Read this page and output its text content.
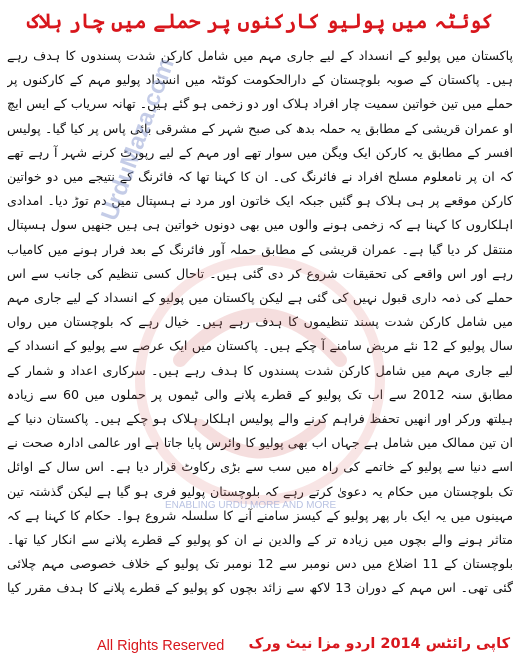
کوئٹہ میں پولیو کارکنوں پر حملے میں چار ہلاک

پاکستان میں پولیو کے انسداد کے لیے جاری مہم میں شامل کارکن شدت پسندوں کا ہدف رہے ہیں۔ پاکستان کے صوبہ بلوچستان کے دارالحکومت کوئٹہ میں انسداد پولیو مہم کے کارکنوں پر حملے میں تین خواتین سمیت چار افراد ہلاک اور دو زخمی ہو گئے ہیں۔ تھانہ سریاب کے ایس ایچ او عمران قریشی کے مطابق یہ حملہ بدھ کی صبح شہر کے مشرقی بائی پاس پر کیا گیا۔ پولیس افسر کے مطابق یہ کارکن ایک ویگن میں سوار تھے اور مہم کے لیے رپورٹ کرنے شہر آ رہے تھے کہ ان پر نامعلوم مسلح افراد نے فائرنگ کی۔ ان کا کہنا تھا کہ فائرنگ کے نتیجے میں دو خواتین کارکن موقعے پر ہی ہلاک ہو گئیں جبکہ ایک خاتون اور مرد نے ہسپتال میں دم توڑ دیا۔ امدادی اہلکاروں کا کہنا ہے کہ زخمی ہونے والوں میں بھی دونوں خواتین ہی ہیں جنھیں سول ہسپتال منتقل کر دیا گیا ہے۔ عمران قریشی کے مطابق حملہ آور فائرنگ کے بعد فرار ہونے میں کامیاب رہے اور اس واقعے کی تحقیقات شروع کر دی گئی ہیں۔ تاحال کسی تنظیم کی جانب سے اس حملے کی ذمہ داری قبول نہیں کی گئی ہے لیکن پاکستان میں پولیو کے انسداد کے لیے جاری مہم میں شامل کارکن شدت پسند تنظیموں کا ہدف رہے ہیں۔ خیال رہے کہ بلوچستان میں رواں سال پولیو کے 12 نئے مریض سامنے آ چکے ہیں۔ پاکستان میں ایک عرصے سے پولیو کے انسداد کے لیے جاری مہم میں شامل کارکن شدت پسندوں کا ہدف رہے ہیں۔ سرکاری اعداد و شمار کے مطابق سنہ 2012 سے اب تک پولیو کے قطرے پلانے والی ٹیموں پر حملوں میں 60 سے زیادہ ہیلتھ ورکر اور انھیں تحفظ فراہم کرنے والے پولیس اہلکار ہلاک ہو چکے ہیں۔ پاکستان دنیا کے ان تین ممالک میں شامل ہے جہاں اب بھی پولیو کا وائرس پایا جاتا ہے اور عالمی ادارہ صحت نے اسے دنیا سے پولیو کے خاتمے کی راہ میں سب سے بڑی رکاوٹ قرار دیا ہے۔ اس سال کے اوائل تک بلوچستان میں حکام یہ دعویٰ کرتے رہے کہ بلوچستان پولیو فری ہو گیا ہے لیکن گذشتہ تین مہینوں میں یہ ایک بار پھر پولیو کے کیسز سامنے آنے کا سلسلہ شروع ہوا۔ حکام کا کہنا ہے کہ متاثر ہونے والے بچوں میں زیادہ تر کے والدین نے ان کو پولیو کے قطرے پلانے سے انکار کیا تھا۔ بلوچستان کے 11 اضلاع میں دس نومبر سے 12 نومبر تک پولیو کے خلاف خصوصی مہم چلائی گئی تھی۔ اس مہم کے دوران 13 لاکھ سے زائد بچوں کو پولیو کے قطرے پلانے کا ہدف مقرر کیا

UrduMaza.com
ENABLING URDU MORE AND MORE
All Rights Reserved کاپی رائٹس 2014 اردو مزا نیٹ ورک
